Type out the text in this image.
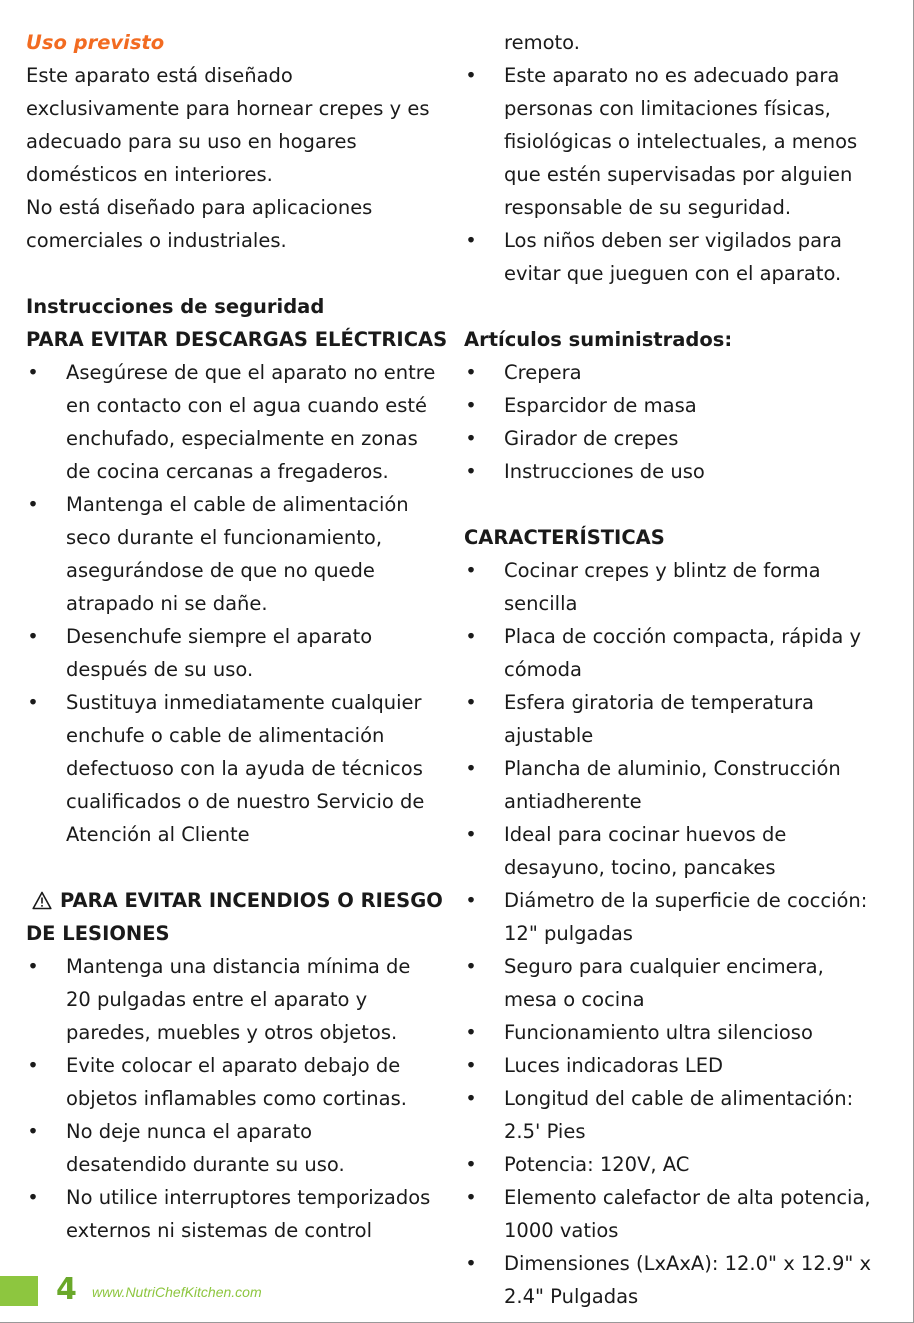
Uso previsto
Este aparato está diseñado
exclusivamente para hornear crepes y es
adecuado para su uso en hogares
domésticos en interiores.
No está diseñado para aplicaciones
comerciales o industriales.
Instrucciones de seguridad
PARA EVITAR DESCARGAS ELÉCTRICAS
• Asegúrese de que el aparato no entre
en contacto con el agua cuando esté
enchufado, especialmente en zonas
de cocina cercanas a fregaderos.
• Mantenga el cable de alimentación
seco durante el funcionamiento,
asegurándose de que no quede
atrapado ni se dañe.
• Desenchufe siempre el aparato
después de su uso.
• Sustituya inmediatamente cualquier
enchufe o cable de alimentación
defectuoso con la ayuda de técnicos
cualificados o de nuestro Servicio de
Atención al Cliente
PARA EVITAR INCENDIOS O RIESGO
DE LESIONES
• Mantenga una distancia mínima de
20 pulgadas entre el aparato y
paredes, muebles y otros objetos.
• Evite colocar el aparato debajo de
objetos inflamables como cortinas.
• No deje nunca el aparato
desatendido durante su uso.
• No utilice interruptores temporizados
externos ni sistemas de control
remoto.
• Este aparato no es adecuado para
personas con limitaciones físicas,
fisiológicas o intelectuales, a menos
que estén supervisadas por alguien
responsable de su seguridad.
• Los niños deben ser vigilados para
evitar que jueguen con el aparato.
Artículos suministrados:
• Crepera
• Esparcidor de masa
• Girador de crepes
• Instrucciones de uso
CARACTERÍSTICAS
• Cocinar crepes y blintz de forma
sencilla
• Placa de cocción compacta, rápida y
cómoda
• Esfera giratoria de temperatura
ajustable
• Plancha de aluminio, Construcción
antiadherente
• Ideal para cocinar huevos de
desayuno, tocino, pancakes
• Diámetro de la superficie de cocción:
12" pulgadas
• Seguro para cualquier encimera,
mesa o cocina
• Funcionamiento ultra silencioso
• Luces indicadoras LED
• Longitud del cable de alimentación:
2.5' Pies
• Potencia: 120V, AC
• Elemento calefactor de alta potencia,
1000 vatios
• Dimensiones (LxAxA): 12.0" x 12.9" x
2.4" Pulgadas
4 www.NutriChefKitchen.com
